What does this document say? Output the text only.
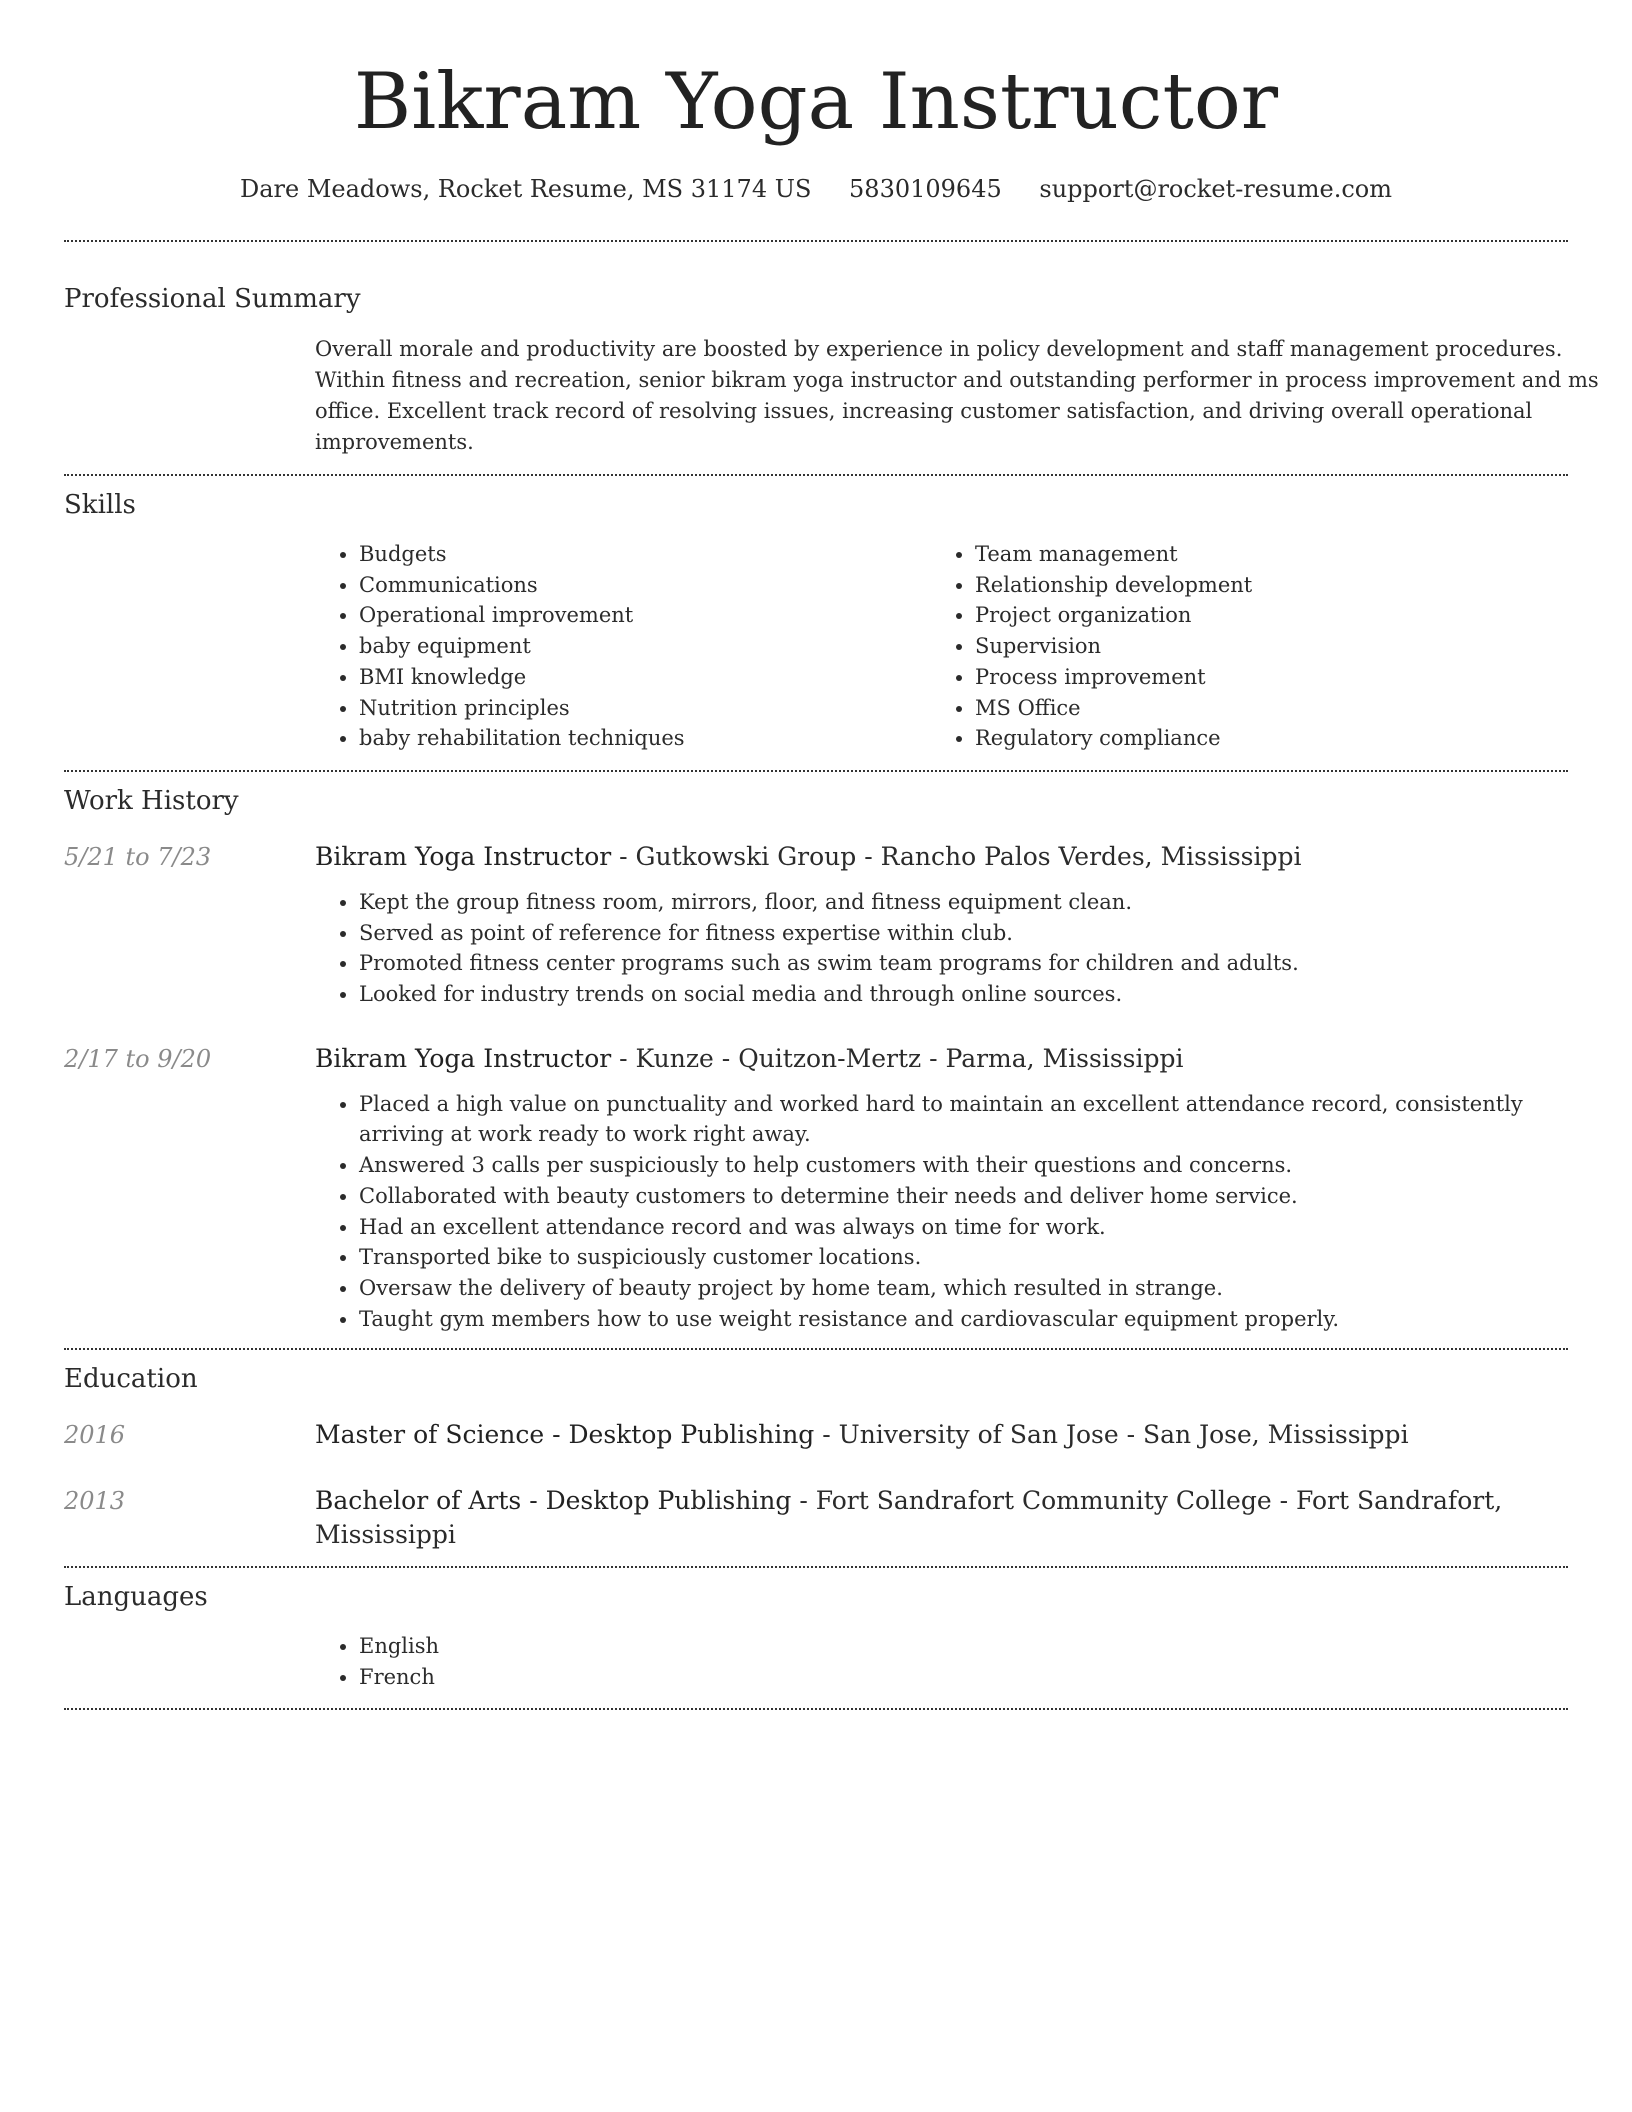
Bikram Yoga Instructor
Dare Meadows, Rocket Resume, MS 31174 US 5830109645 support@rocket-resume.com
Professional Summary
Overall morale and productivity are boosted by experience in policy development and staff management procedures. Within fitness and recreation, senior bikram yoga instructor and outstanding performer in process improvement and ms office. Excellent track record of resolving issues, increasing customer satisfaction, and driving overall operational improvements.
Skills
• Budgets
• Communications
• Operational improvement
• baby equipment
• BMI knowledge
• Nutrition principles
• baby rehabilitation techniques
• Team management
• Relationship development
• Project organization
• Supervision
• Process improvement
• MS Office
• Regulatory compliance
Work History
5/21 to 7/23	Bikram Yoga Instructor - Gutkowski Group - Rancho Palos Verdes, Mississippi
• Kept the group fitness room, mirrors, floor, and fitness equipment clean.
• Served as point of reference for fitness expertise within club.
• Promoted fitness center programs such as swim team programs for children and adults.
• Looked for industry trends on social media and through online sources.
2/17 to 9/20	Bikram Yoga Instructor - Kunze - Quitzon-Mertz - Parma, Mississippi
• Placed a high value on punctuality and worked hard to maintain an excellent attendance record, consistently arriving at work ready to work right away.
• Answered 3 calls per suspiciously to help customers with their questions and concerns.
• Collaborated with beauty customers to determine their needs and deliver home service.
• Had an excellent attendance record and was always on time for work.
• Transported bike to suspiciously customer locations.
• Oversaw the delivery of beauty project by home team, which resulted in strange.
• Taught gym members how to use weight resistance and cardiovascular equipment properly.
Education
2016	Master of Science - Desktop Publishing - University of San Jose - San Jose, Mississippi
2013	Bachelor of Arts - Desktop Publishing - Fort Sandrafort Community College - Fort Sandrafort, Mississippi
Languages
• English
• French
